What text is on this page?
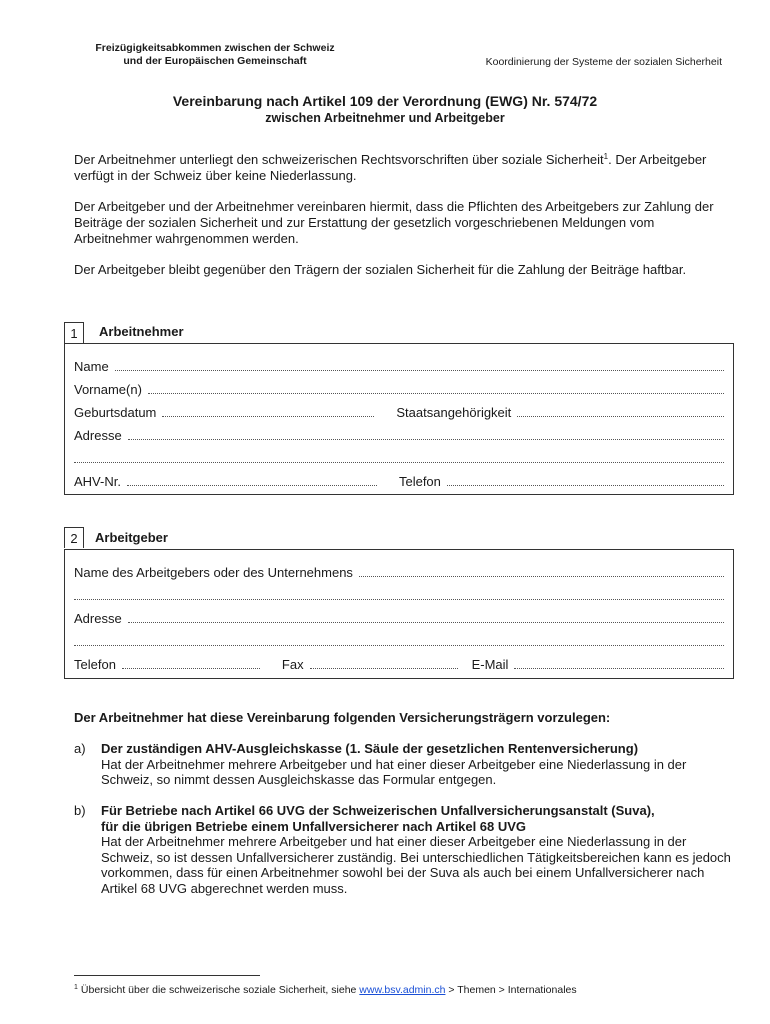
Freizügigkeitsabkommen zwischen der Schweiz
und der Europäischen Gemeinschaft	Koordinierung der Systeme der sozialen Sicherheit
Vereinbarung nach Artikel 109 der Verordnung (EWG) Nr. 574/72
zwischen Arbeitnehmer und Arbeitgeber
Der Arbeitnehmer unterliegt den schweizerischen Rechtsvorschriften über soziale Sicherheit$^1$. Der Arbeitgeber verfügt in der Schweiz über keine Niederlassung.
Der Arbeitgeber und der Arbeitnehmer vereinbaren hiermit, dass die Pflichten des Arbeitgebers zur Zahlung der Beiträge der sozialen Sicherheit und zur Erstattung der gesetzlich vorgeschriebenen Meldungen vom Arbeitnehmer wahrgenommen werden.
Der Arbeitgeber bleibt gegenüber den Trägern der sozialen Sicherheit für die Zahlung der Beiträge haftbar.
1	Arbeitnehmer
Name
Vorname(n)
Geburtsdatum	Staatsangehörigkeit
Adresse
AHV-Nr.	Telefon
2	Arbeitgeber
Name des Arbeitgebers oder des Unternehmens
Adresse
Telefon	Fax	E-Mail
Der Arbeitnehmer hat diese Vereinbarung folgenden Versicherungsträgern vorzulegen:
a) Der zuständigen AHV-Ausgleichskasse (1. Säule der gesetzlichen Rentenversicherung)
Hat der Arbeitnehmer mehrere Arbeitgeber und hat einer dieser Arbeitgeber eine Niederlassung in der Schweiz, so nimmt dessen Ausgleichskasse das Formular entgegen.
b) Für Betriebe nach Artikel 66 UVG der Schweizerischen Unfallversicherungsanstalt (Suva),
für die übrigen Betriebe einem Unfallversicherer nach Artikel 68 UVG
Hat der Arbeitnehmer mehrere Arbeitgeber und hat einer dieser Arbeitgeber eine Niederlassung in der Schweiz, so ist dessen Unfallversicherer zuständig. Bei unterschiedlichen Tätigkeitsbereichen kann es jedoch vorkommen, dass für einen Arbeitnehmer sowohl bei der Suva als auch bei einem Unfallversicherer nach Artikel 68 UVG abgerechnet werden muss.
$^1$ Übersicht über die schweizerische soziale Sicherheit, siehe www.bsv.admin.ch > Themen > Internationales
